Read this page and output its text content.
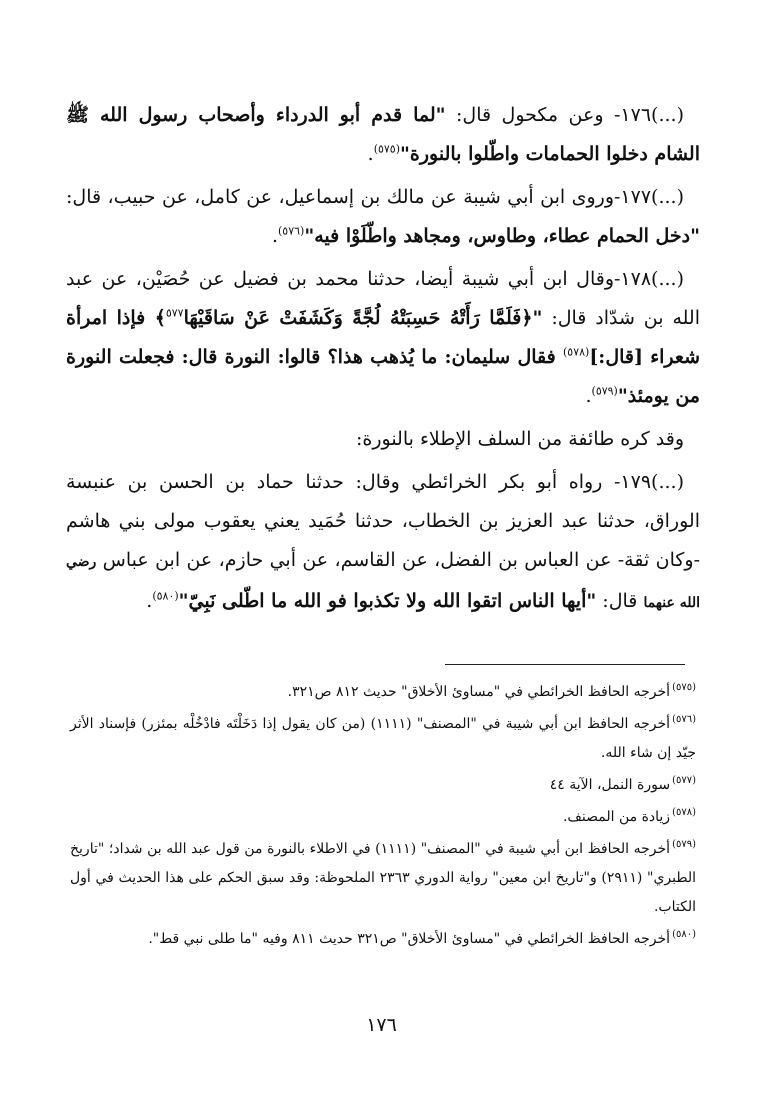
(...)١٧٦- وعن مكحول قال: "لما قدم أبو الدرداء وأصحاب رسول الله ﷺ الشام دخلوا الحمامات واطّلوا بالنورة"$^{(٥٧٥)}$.

(...)١٧٧-وروى ابن أبي شيبة عن مالك بن إسماعيل، عن كامل، عن حبيب، قال: "دخل الحمام عطاء، وطاوس، ومجاهد واطّلَوْا فيه"$^{(٥٧٦)}$.

(...)١٧٨-وقال ابن أبي شيبة أيضا، حدثنا محمد بن فضيل عن حُصَيْن، عن عبد الله بن شدّاد قال: "﴿فَلَمَّا رَأَتْهُ حَسِبَتْهُ لُجَّةً وَكَشَفَتْ عَنْ سَاقَيْهَا$^{٥٧٧}$﴾ فإذا امرأة شعراء [قال:]$^{(٥٧٨)}$ فقال سليمان: ما يُذهب هذا؟ قالوا: النورة قال: فجعلت النورة من يومئذ"$^{(٥٧٩)}$.

وقد كره طائفة من السلف الإطلاء بالنورة:

(...)١٧٩- رواه أبو بكر الخرائطي وقال: حدثنا حماد بن الحسن بن عنبسة الوراق، حدثنا عبد العزيز بن الخطاب، حدثنا حُمَيد يعني يعقوب مولى بني هاشم -وكان ثقة- عن العباس بن الفضل، عن القاسم، عن أبي حازم، عن ابن عباس رضي الله عنهما قال: "أيها الناس اتقوا الله ولا تكذبوا فو الله ما اطّلى نَبِيّ"$^{(٥٨٠)}$.

$^{(٥٧٥)}$أخرجه الحافظ الخرائطي في "مساوئ الأخلاق" حديث ٨١٢ ص٣٢١.

$^{(٥٧٦)}$أخرجه الحافظ ابن أبي شيبة في "المصنف" (١١١١) (من كان يقول إذا دَخَلْتَه فادْخُلْه بمئزر) فإسناد الأثر جيّد إن شاء الله.

$^{(٥٧٧)}$سورة النمل، الآية ٤٤

$^{(٥٧٨)}$زيادة من المصنف.

$^{(٥٧٩)}$أخرجه الحافظ ابن أبي شيبة في "المصنف" (١١١١) في الاطلاء بالنورة من قول عبد الله بن شداد؛ "تاريخ الطبري" (٢٩١١) و"تاريخ ابن معين" رواية الدوري ٢٣٦٣ الملحوظة: وقد سبق الحكم على هذا الحديث في أول الكتاب.

$^{(٥٨٠)}$أخرجه الحافظ الخرائطي في "مساوئ الأخلاق" ص٣٢١ حديث ٨١١ وفيه "ما طلى نبي قط".

١٧٦
